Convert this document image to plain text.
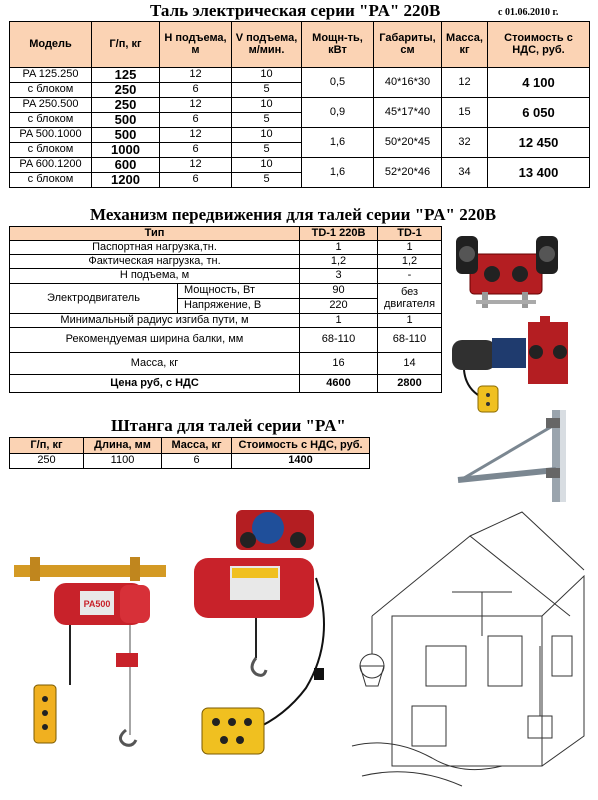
Таль электрическая серии "PA" 220B	с 01.06.2010 г.
Модель	Г/п, кг	Н подъема, м	V подъема, м/мин.	Мощн-ть, кВт	Габариты, см	Масса, кг	Стоимость с НДС, руб.
PA 125.250	125	12	10	0,5	40*16*30	12	4 100
с блоком	250	6	5				
PA 250.500	250	12	10	0,9	45*17*40	15	6 050
с блоком	500	6	5				
PA 500.1000	500	12	10	1,6	50*20*45	32	12 450
с блоком	1000	6	5				
PA 600.1200	600	12	10	1,6	52*20*46	34	13 400
с блоком	1200	6	5				
Механизм передвижения для талей серии "PA" 220B
Тип		TD-1 220B	TD-1
Паспортная нагрузка,тн.		1	1
Фактическая нагрузка, тн.		1,2	1,2
Н подъема, м		3	-
Электродвигатель	Мощность, Вт	90	без
двигателя
	Напряжение, В	220	
Минимальный радиус изгиба пути, м		1	1
Рекомендуемая ширина балки, мм		68-110	68-110
Масса, кг		16	14
Цена руб, с НДС		4600	2800
Штанга для талей серии "PA"
Г/п, кг	Длина, мм	Масса, кг	Стоимость с НДС, руб.
250	1100	6	1400
PA500
